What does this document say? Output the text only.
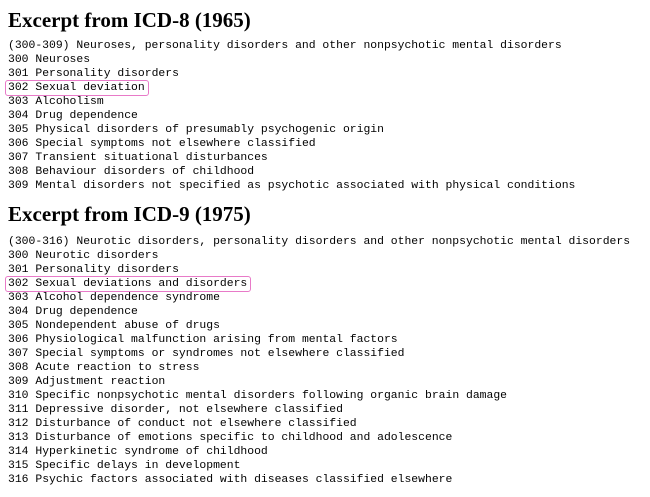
Excerpt from ICD-8 (1965)
(300-309) Neuroses, personality disorders and other nonpsychotic mental disorders
300 Neuroses
301 Personality disorders
302 Sexual deviation

303 Alcoholism
304 Drug dependence
305 Physical disorders of presumably psychogenic origin
306 Special symptoms not elsewhere classified
307 Transient situational disturbances
308 Behaviour disorders of childhood
309 Mental disorders not specified as psychotic associated with physical conditions
Excerpt from ICD-9 (1975)
(300-316) Neurotic disorders, personality disorders and other nonpsychotic mental disorders
300 Neurotic disorders
301 Personality disorders
302 Sexual deviations and disorders

303 Alcohol dependence syndrome
304 Drug dependence
305 Nondependent abuse of drugs
306 Physiological malfunction arising from mental factors
307 Special symptoms or syndromes not elsewhere classified
308 Acute reaction to stress
309 Adjustment reaction
310 Specific nonpsychotic mental disorders following organic brain damage
311 Depressive disorder, not elsewhere classified
312 Disturbance of conduct not elsewhere classified
313 Disturbance of emotions specific to childhood and adolescence
314 Hyperkinetic syndrome of childhood
315 Specific delays in development
316 Psychic factors associated with diseases classified elsewhere
